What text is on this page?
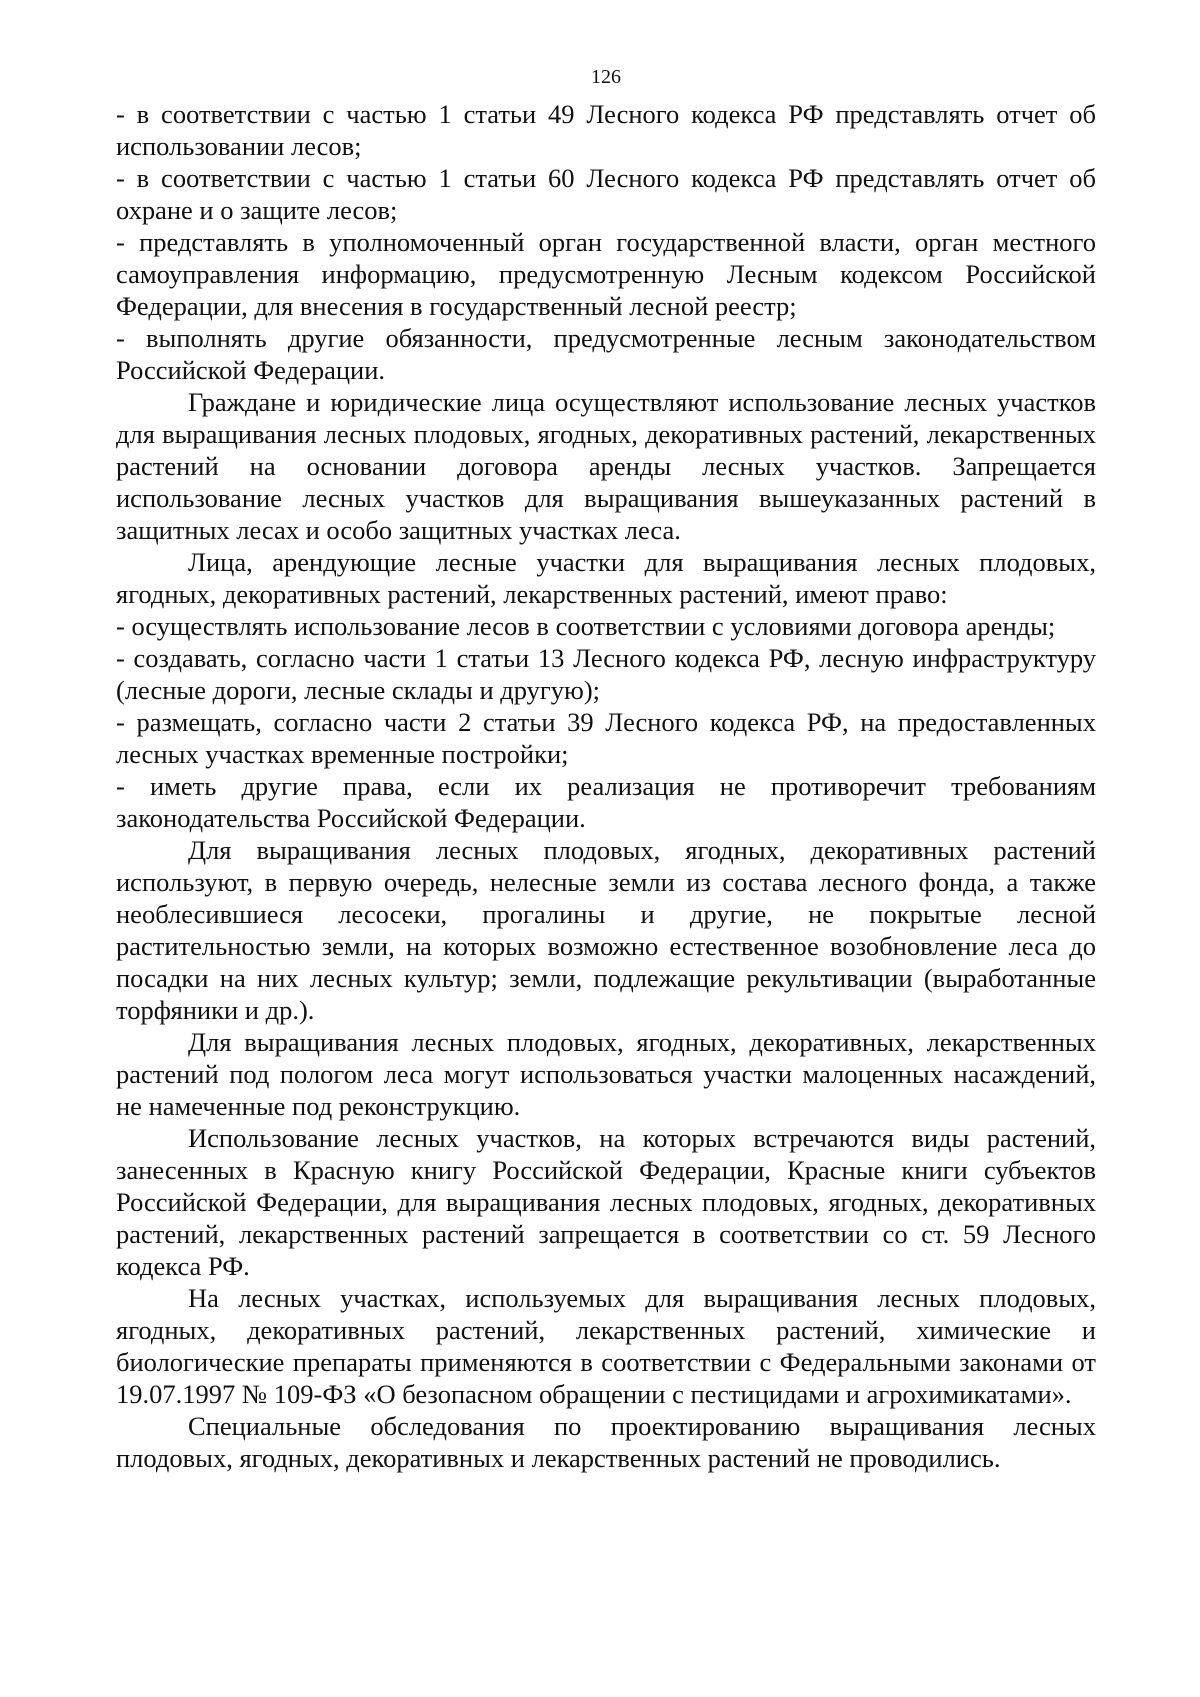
126

- в соответствии с частью 1 статьи 49 Лесного кодекса РФ представлять отчет об использовании лесов;

- в соответствии с частью 1 статьи 60 Лесного кодекса РФ представлять отчет об охране и о защите лесов;

- представлять в уполномоченный орган государственной власти, орган местного самоуправления информацию, предусмотренную Лесным кодексом Российской Федерации, для внесения в государственный лесной реестр;

- выполнять другие обязанности, предусмотренные лесным законодательством Российской Федерации.

Граждане и юридические лица осуществляют использование лесных участков для выращивания лесных плодовых, ягодных, декоративных растений, лекарственных растений на основании договора аренды лесных участков. Запрещается использование лесных участков для выращивания вышеуказанных растений в защитных лесах и особо защитных участках леса.

Лица, арендующие лесные участки для выращивания лесных плодовых, ягодных, декоративных растений, лекарственных растений, имеют право:

- осуществлять использование лесов в соответствии с условиями договора аренды;

- создавать, согласно части 1 статьи 13 Лесного кодекса РФ, лесную инфраструктуру (лесные дороги, лесные склады и другую);

- размещать, согласно части 2 статьи 39 Лесного кодекса РФ, на предоставленных лесных участках временные постройки;

- иметь другие права, если их реализация не противоречит требованиям законодательства Российской Федерации.

Для выращивания лесных плодовых, ягодных, декоративных растений используют, в первую очередь, нелесные земли из состава лесного фонда, а также необлесившиеся лесосеки, прогалины и другие, не покрытые лесной растительностью земли, на которых возможно естественное возобновление леса до посадки на них лесных культур; земли, подлежащие рекультивации (выработанные торфяники и др.).

Для выращивания лесных плодовых, ягодных, декоративных, лекарственных растений под пологом леса могут использоваться участки малоценных насаждений, не намеченные под реконструкцию.

Использование лесных участков, на которых встречаются виды растений, занесенных в Красную книгу Российской Федерации, Красные книги субъектов Российской Федерации, для выращивания лесных плодовых, ягодных, декоративных растений, лекарственных растений запрещается в соответствии со ст. 59 Лесного кодекса РФ.

На лесных участках, используемых для выращивания лесных плодовых, ягодных, декоративных растений, лекарственных растений, химические и биологические препараты применяются в соответствии с Федеральными законами от 19.07.1997 № 109-ФЗ «О безопасном обращении с пестицидами и агрохимикатами».

Специальные обследования по проектированию выращивания лесных плодовых, ягодных, декоративных и лекарственных растений не проводились.
